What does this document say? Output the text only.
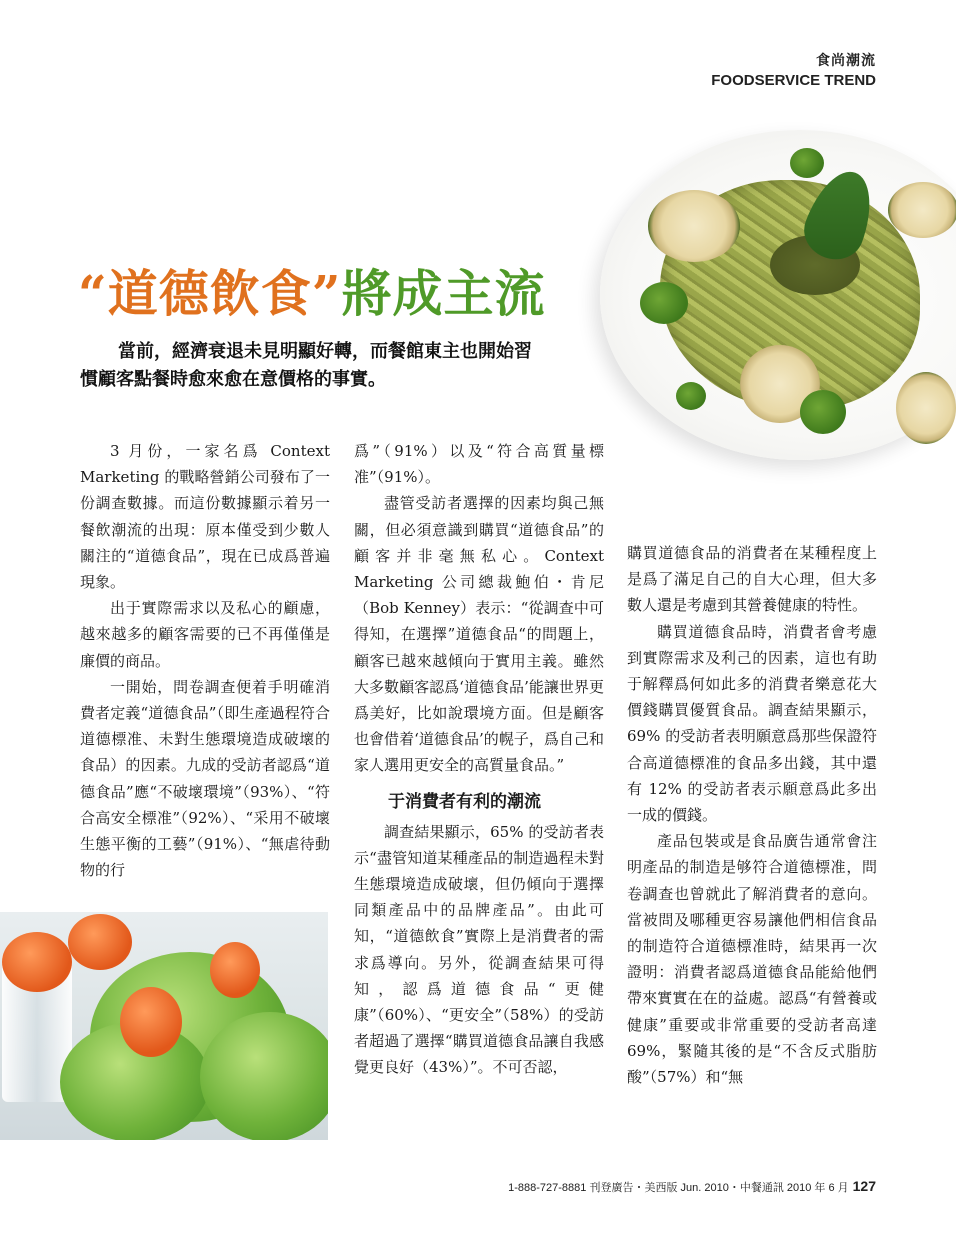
食尚潮流
FOODSERVICE TREND
“道德飲食”將成主流

當前，經濟衰退未見明顯好轉，而餐館東主也開始習慣顧客點餐時愈來愈在意價格的事實。

3 月份，一家名爲 Context Marketing 的戰略營銷公司發布了一份調查數據。而這份數據顯示着另一餐飲潮流的出現：原本僅受到少數人關注的“道德食品”，現在已成爲普遍現象。

出于實際需求以及私心的顧慮，越來越多的顧客需要的已不再僅僅是廉價的商品。

一開始，問卷調查便着手明確消費者定義“道德食品”（即生產過程符合道德標准、未對生態環境造成破壞的食品）的因素。九成的受訪者認爲“道德食品”應“不破壞環境”（93%）、“符合高安全標准”（92%）、“采用不破壞生態平衡的工藝”（91%）、“無虐待動物的行

爲”（91%）以及“符合高質量標准”（91%）。

盡管受訪者選擇的因素均與己無關，但必須意識到購買“道德食品”的顧客并非毫無私心。Context Marketing 公司總裁鮑伯・肯尼（Bob Kenney）表示：“從調查中可得知，在選擇”道德食品“的問題上，顧客已越來越傾向于實用主義。雖然大多數顧客認爲‘道德食品’能讓世界更爲美好，比如說環境方面。但是顧客也會借着‘道德食品’的幌子，爲自己和家人選用更安全的高質量食品。”

于消費者有利的潮流

調查結果顯示，65% 的受訪者表示“盡管知道某種產品的制造過程未對生態環境造成破壞，但仍傾向于選擇同類產品中的品牌產品”。由此可知，“道德飲食”實際上是消費者的需求爲導向。另外，從調查結果可得知，認爲道德食品“更健康”（60%）、“更安全”（58%）的受訪者超過了選擇“購買道德食品讓自我感覺更良好（43%）”。不可否認，

購買道德食品的消費者在某種程度上是爲了滿足自己的自大心理，但大多數人還是考慮到其營養健康的特性。

購買道德食品時，消費者會考慮到實際需求及利己的因素，這也有助于解釋爲何如此多的消費者樂意花大價錢購買優質食品。調查結果顯示，69% 的受訪者表明願意爲那些保證符合高道德標准的食品多出錢，其中還有 12% 的受訪者表示願意爲此多出一成的價錢。

產品包裝或是食品廣告通常會注明產品的制造是够符合道德標准，問卷調查也曾就此了解消費者的意向。當被問及哪種更容易讓他們相信食品的制造符合道德標准時，結果再一次證明：消費者認爲道德食品能給他們帶來實實在在的益處。認爲“有營養或健康”重要或非常重要的受訪者高達 69%，緊隨其後的是“不含反式脂肪酸”（57%）和“無

1-888-727-8881 刊登廣告・美西版 Jun. 2010・中餐通訊 2010 年 6 月 127
